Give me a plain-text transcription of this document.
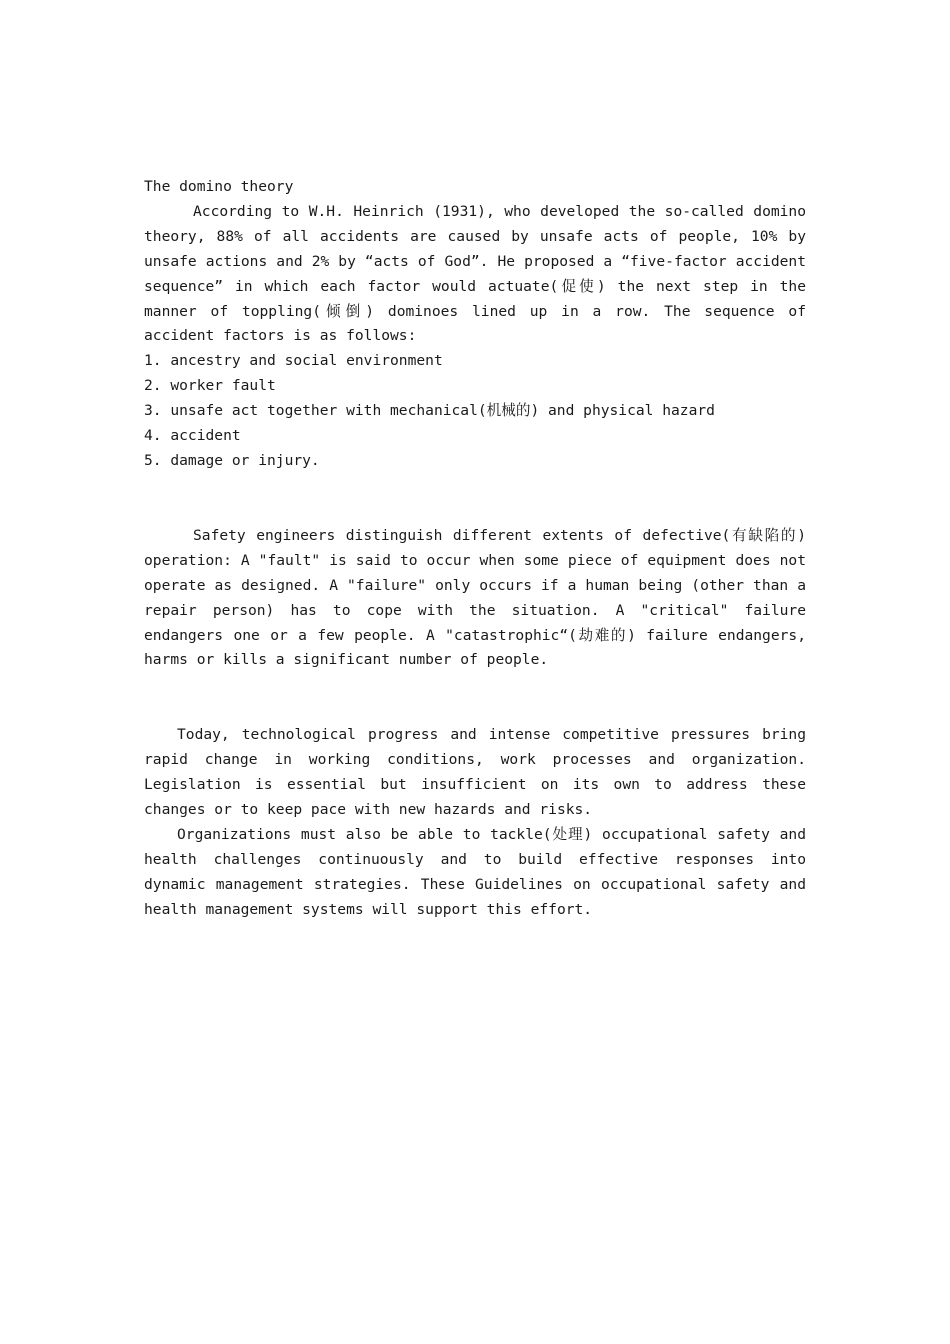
The domino theory

According to W.H. Heinrich (1931), who developed the so-called domino theory, 88% of all accidents are caused by unsafe acts of people, 10% by unsafe actions and 2% by “acts of God”. He proposed a “five-factor accident sequence” in which each factor would actuate(促使) the next step in the manner of toppling(倾倒) dominoes lined up in a row. The sequence of accident factors is as follows:

1. ancestry and social environment
2. worker fault
3. unsafe act together with mechanical(机械的) and physical hazard
4. accident
5. damage or injury.

Safety engineers distinguish different extents of defective(有缺陷的) operation: A "fault" is said to occur when some piece of equipment does not operate as designed. A "failure" only occurs if a human being (other than a repair person) has to cope with the situation. A "critical" failure endangers one or a few people. A "catastrophic“(劫难的) failure endangers, harms or kills a significant number of people.

Today, technological progress and intense competitive pressures bring rapid change in working conditions, work processes and organization. Legislation is essential but insufficient on its own to address these changes or to keep pace with new hazards and risks.

Organizations must also be able to tackle(处理) occupational safety and health challenges continuously and to build effective responses into dynamic management strategies. These Guidelines on occupational safety and health management systems will support this effort.
